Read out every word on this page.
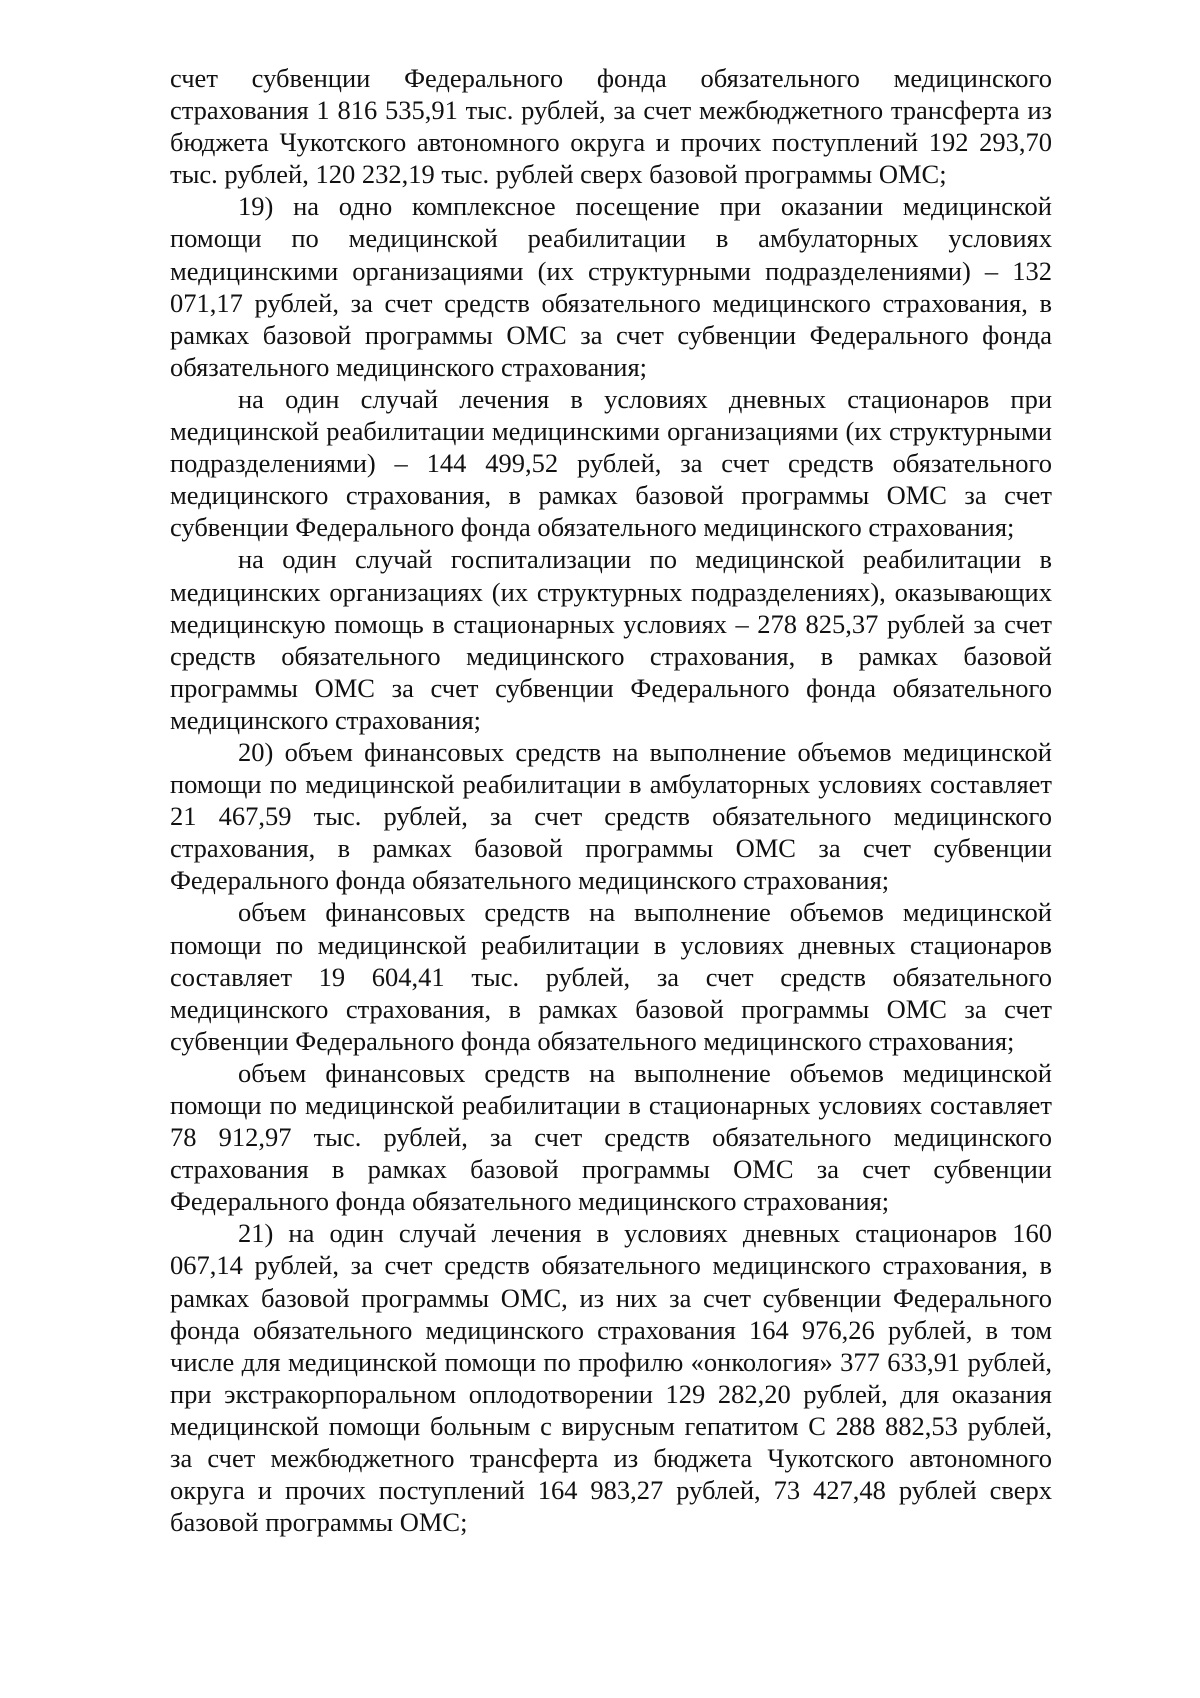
счет субвенции Федерального фонда обязательного медицинского страхования 1 816 535,91 тыс. рублей, за счет межбюджетного трансферта из бюджета Чукотского автономного округа и прочих поступлений 192 293,70 тыс. рублей, 120 232,19 тыс. рублей сверх базовой программы ОМС;

19) на одно комплексное посещение при оказании медицинской помощи по медицинской реабилитации в амбулаторных условиях медицинскими организациями (их структурными подразделениями) – 132 071,17 рублей, за счет средств обязательного медицинского страхования, в рамках базовой программы ОМС за счет субвенции Федерального фонда обязательного медицинского страхования;

на один случай лечения в условиях дневных стационаров при медицинской реабилитации медицинскими организациями (их структурными подразделениями) – 144 499,52 рублей, за счет средств обязательного медицинского страхования, в рамках базовой программы ОМС за счет субвенции Федерального фонда обязательного медицинского страхования;

на один случай госпитализации по медицинской реабилитации в медицинских организациях (их структурных подразделениях), оказывающих медицинскую помощь в стационарных условиях – 278 825,37 рублей за счет средств обязательного медицинского страхования, в рамках базовой программы ОМС за счет субвенции Федерального фонда обязательного медицинского страхования;

20) объем финансовых средств на выполнение объемов медицинской помощи по медицинской реабилитации в амбулаторных условиях составляет 21 467,59 тыс. рублей, за счет средств обязательного медицинского страхования, в рамках базовой программы ОМС за счет субвенции Федерального фонда обязательного медицинского страхования;

объем финансовых средств на выполнение объемов медицинской помощи по медицинской реабилитации в условиях дневных стационаров составляет 19 604,41 тыс. рублей, за счет средств обязательного медицинского страхования, в рамках базовой программы ОМС за счет субвенции Федерального фонда обязательного медицинского страхования;

объем финансовых средств на выполнение объемов медицинской помощи по медицинской реабилитации в стационарных условиях составляет 78 912,97 тыс. рублей, за счет средств обязательного медицинского страхования в рамках базовой программы ОМС за счет субвенции Федерального фонда обязательного медицинского страхования;

21) на один случай лечения в условиях дневных стационаров 160 067,14 рублей, за счет средств обязательного медицинского страхования, в рамках базовой программы ОМС, из них за счет субвенции Федерального фонда обязательного медицинского страхования 164 976,26 рублей, в том числе для медицинской помощи по профилю «онкология» 377 633,91 рублей, при экстракорпоральном оплодотворении 129 282,20 рублей, для оказания медицинской помощи больным с вирусным гепатитом С 288 882,53 рублей, за счет межбюджетного трансферта из бюджета Чукотского автономного округа и прочих поступлений 164 983,27 рублей, 73 427,48 рублей сверх базовой программы ОМС;
